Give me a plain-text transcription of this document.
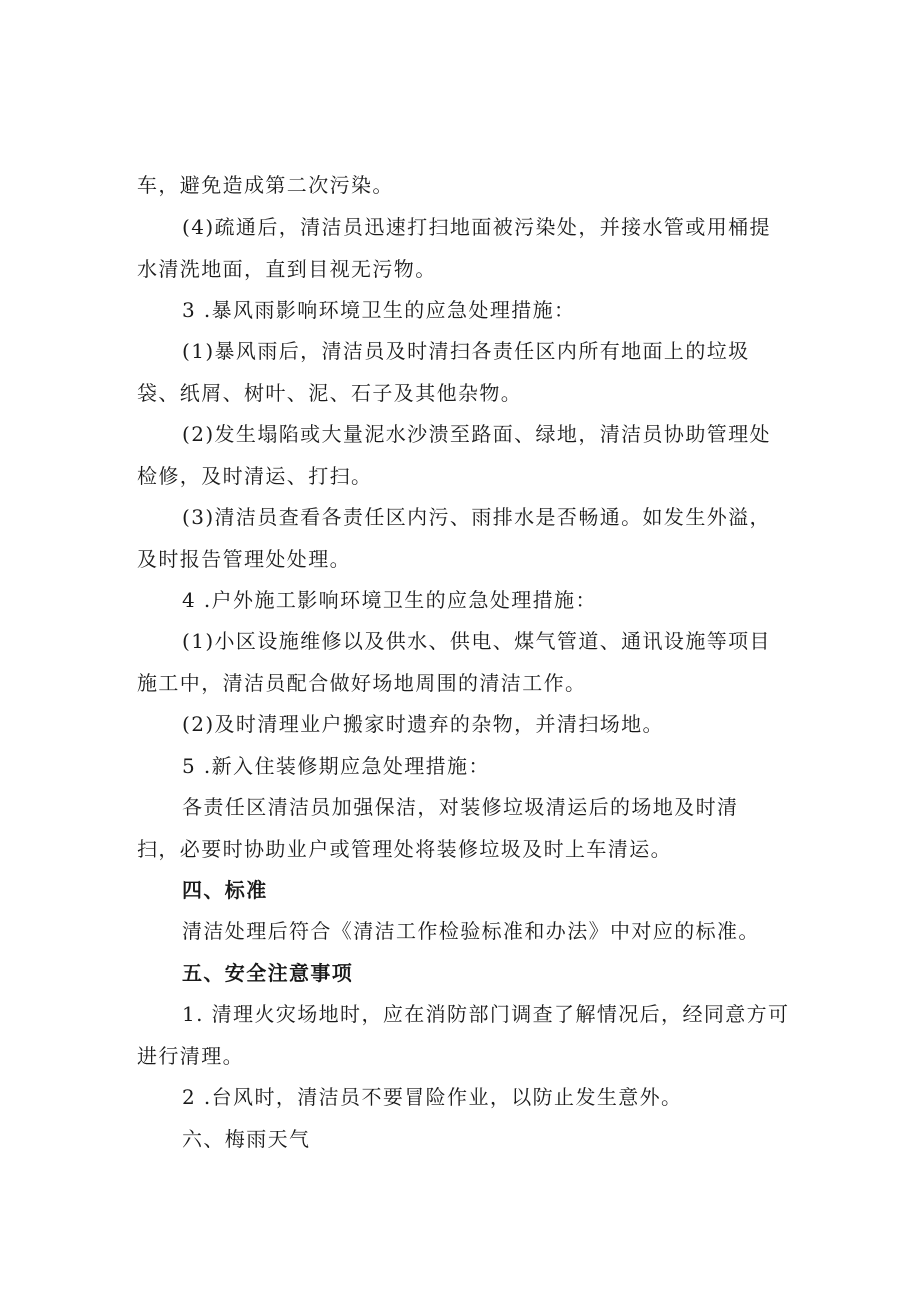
车，避免造成第二次污染。
(4)疏通后，清洁员迅速打扫地面被污染处，并接水管或用桶提
水清洗地面，直到目视无污物。
3 .暴风雨影响环境卫生的应急处理措施：
(1)暴风雨后，清洁员及时清扫各责任区内所有地面上的垃圾
袋、纸屑、树叶、泥、石子及其他杂物。
(2)发生塌陷或大量泥水沙溃至路面、绿地，清洁员协助管理处
检修，及时清运、打扫。
(3)清洁员查看各责任区内污、雨排水是否畅通。如发生外溢，
及时报告管理处处理。
4 .户外施工影响环境卫生的应急处理措施：
(1)小区设施维修以及供水、供电、煤气管道、通讯设施等项目
施工中，清洁员配合做好场地周围的清洁工作。
(2)及时清理业户搬家时遗弃的杂物，并清扫场地。
5 .新入住装修期应急处理措施：
各责任区清洁员加强保洁，对装修垃圾清运后的场地及时清
扫，必要时协助业户或管理处将装修垃圾及时上车清运。
四、标准
清洁处理后符合《清洁工作检验标准和办法》中对应的标准。
五、安全注意事项
1. 清理火灾场地时，应在消防部门调查了解情况后，经同意方可
进行清理。
2 .台风时，清洁员不要冒险作业，以防止发生意外。
六、梅雨天气
